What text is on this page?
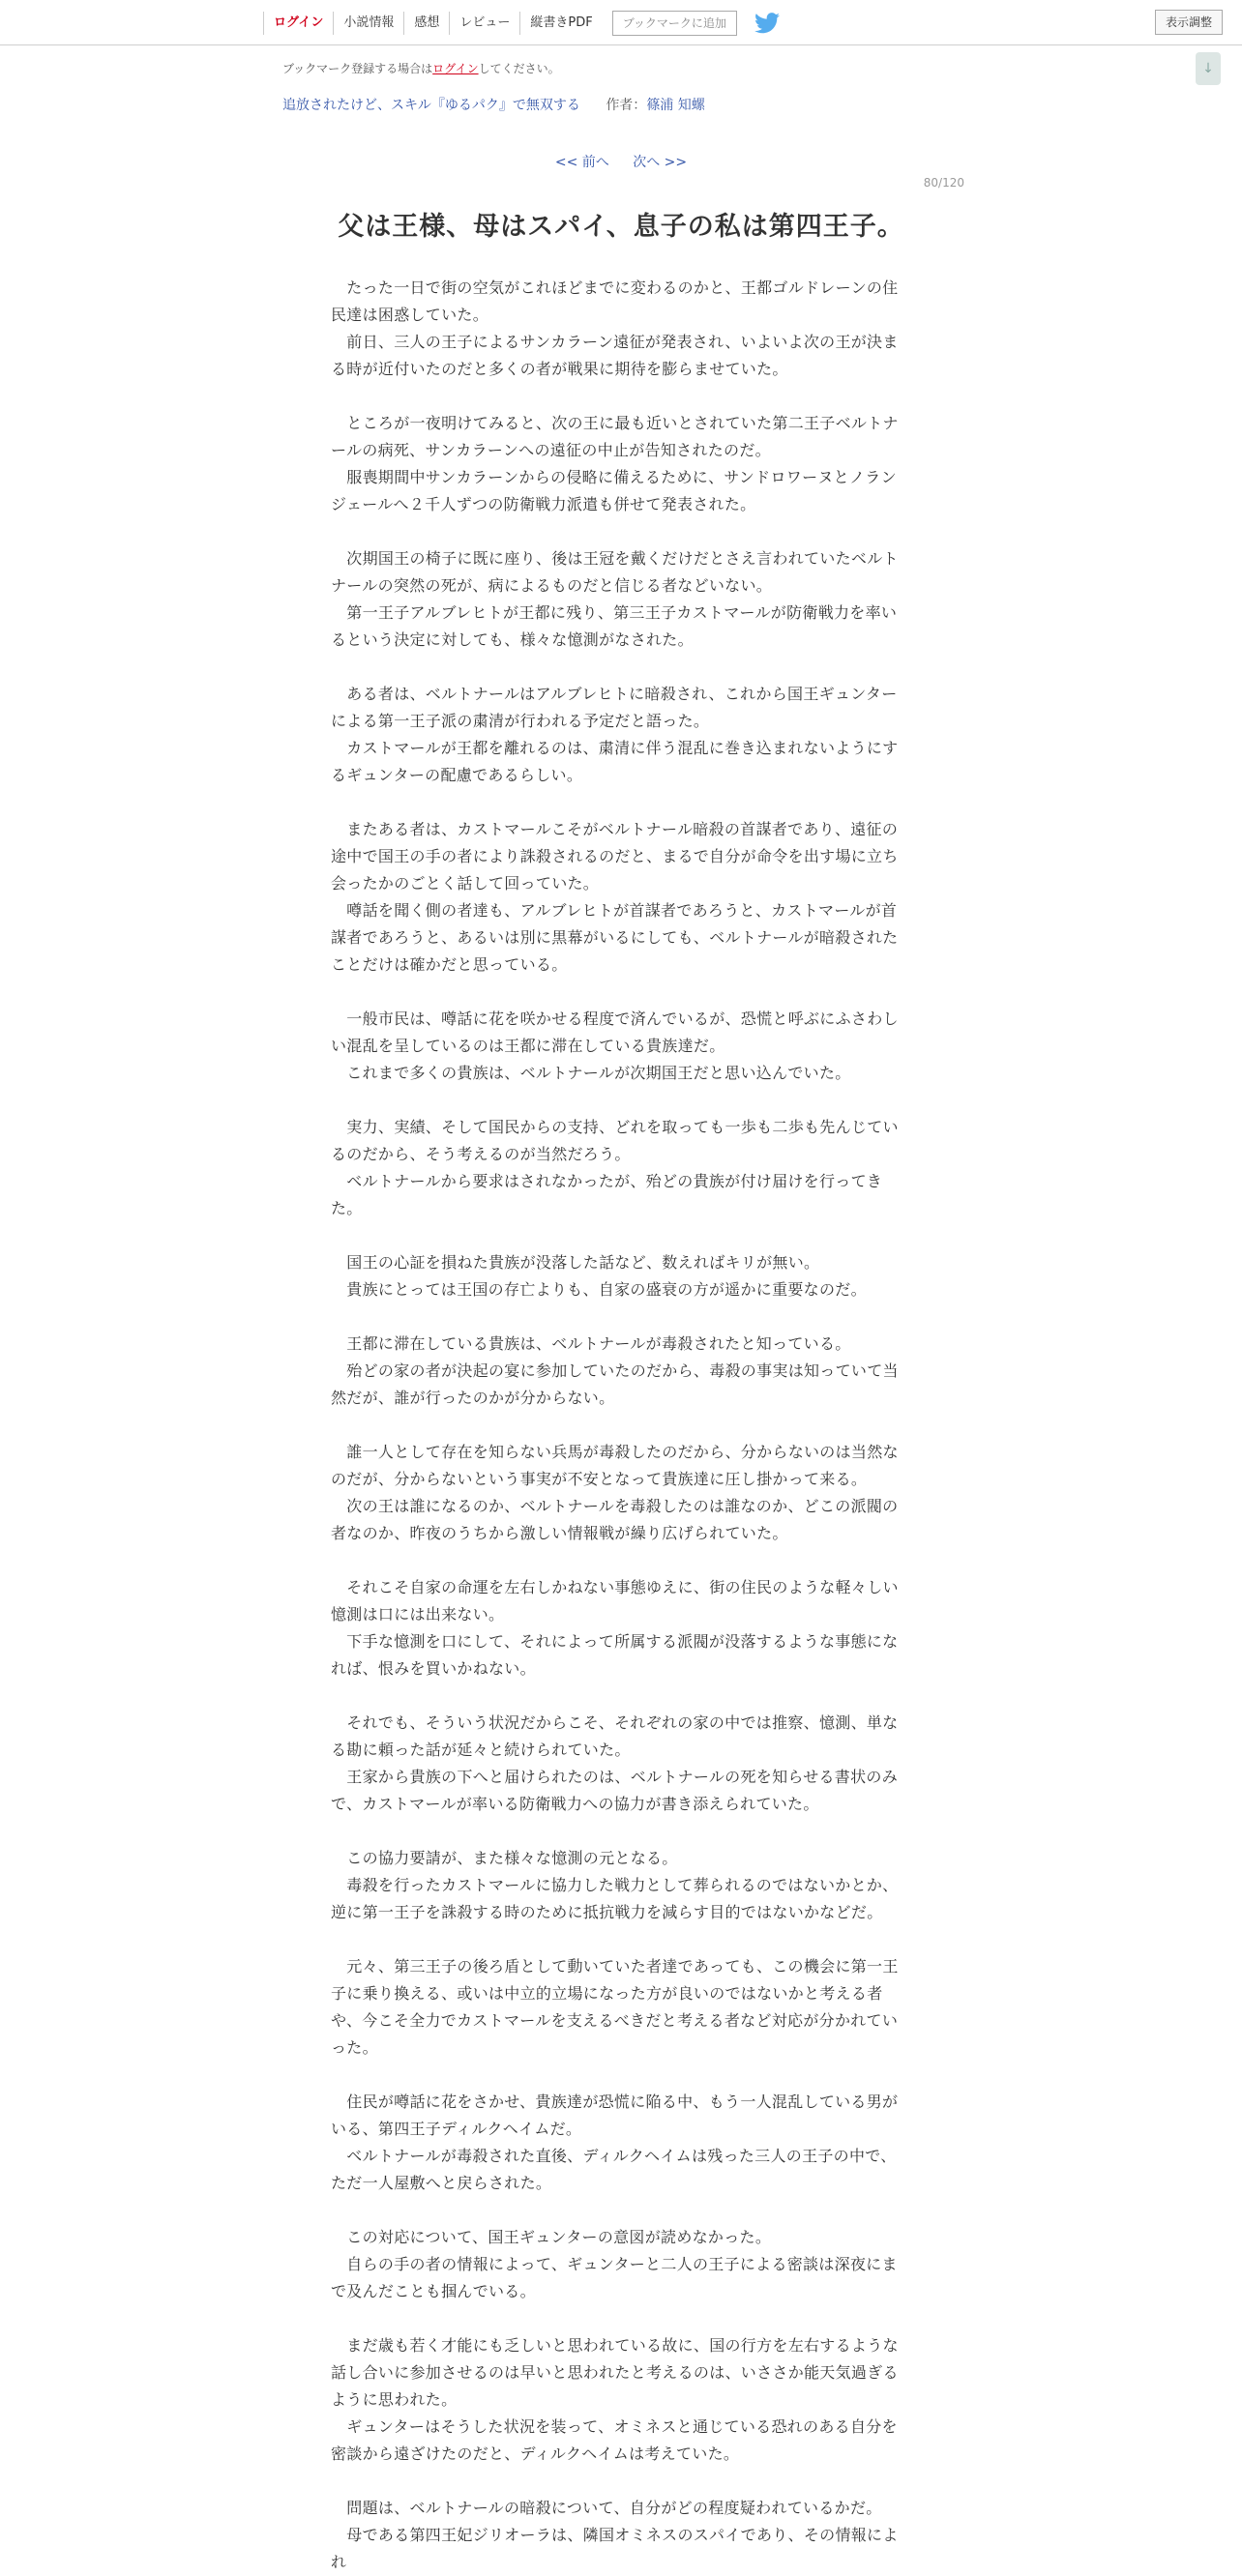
ログイン	小説情報	感想	レビュー	縦書きPDF	ブックマークに追加	表示調整
↓
ブックマーク登録する場合はログインしてください。
追放されたけど、スキル『ゆるパク』で無双する 作者：篠浦 知螺
<< 前へ 次へ >>
80/120
父は王様、母はスパイ、息子の私は第四王子。

　たった一日で街の空気がこれほどまでに変わるのかと、王都ゴルドレーンの住民達は困惑していた。

　前日、三人の王子によるサンカラーン遠征が発表され、いよいよ次の王が決まる時が近付いたのだと多くの者が戦果に期待を膨らませていた。

　ところが一夜明けてみると、次の王に最も近いとされていた第二王子ベルトナールの病死、サンカラーンへの遠征の中止が告知されたのだ。

　服喪期間中サンカラーンからの侵略に備えるために、サンドロワーヌとノランジェールへ２千人ずつの防衛戦力派遣も併せて発表された。

　次期国王の椅子に既に座り、後は王冠を戴くだけだとさえ言われていたベルトナールの突然の死が、病によるものだと信じる者などいない。

　第一王子アルブレヒトが王都に残り、第三王子カストマールが防衛戦力を率いるという決定に対しても、様々な憶測がなされた。

　ある者は、ベルトナールはアルブレヒトに暗殺され、これから国王ギュンターによる第一王子派の粛清が行われる予定だと語った。

　カストマールが王都を離れるのは、粛清に伴う混乱に巻き込まれないようにするギュンターの配慮であるらしい。

　またある者は、カストマールこそがベルトナール暗殺の首謀者であり、遠征の途中で国王の手の者により誅殺されるのだと、まるで自分が命令を出す場に立ち会ったかのごとく話して回っていた。

　噂話を聞く側の者達も、アルブレヒトが首謀者であろうと、カストマールが首謀者であろうと、あるいは別に黒幕がいるにしても、ベルトナールが暗殺されたことだけは確かだと思っている。

　一般市民は、噂話に花を咲かせる程度で済んでいるが、恐慌と呼ぶにふさわしい混乱を呈しているのは王都に滞在している貴族達だ。

　これまで多くの貴族は、ベルトナールが次期国王だと思い込んでいた。

　実力、実績、そして国民からの支持、どれを取っても一歩も二歩も先んじているのだから、そう考えるのが当然だろう。

　ベルトナールから要求はされなかったが、殆どの貴族が付け届けを行ってきた。

　国王の心証を損ねた貴族が没落した話など、数えればキリが無い。

　貴族にとっては王国の存亡よりも、自家の盛衰の方が遥かに重要なのだ。

　王都に滞在している貴族は、ベルトナールが毒殺されたと知っている。

　殆どの家の者が決起の宴に参加していたのだから、毒殺の事実は知っていて当然だが、誰が行ったのかが分からない。

　誰一人として存在を知らない兵馬が毒殺したのだから、分からないのは当然なのだが、分からないという事実が不安となって貴族達に圧し掛かって来る。

　次の王は誰になるのか、ベルトナールを毒殺したのは誰なのか、どこの派閥の者なのか、昨夜のうちから激しい情報戦が繰り広げられていた。

　それこそ自家の命運を左右しかねない事態ゆえに、街の住民のような軽々しい憶測は口には出来ない。

　下手な憶測を口にして、それによって所属する派閥が没落するような事態になれば、恨みを買いかねない。

　それでも、そういう状況だからこそ、それぞれの家の中では推察、憶測、単なる勘に頼った話が延々と続けられていた。

　王家から貴族の下へと届けられたのは、ベルトナールの死を知らせる書状のみで、カストマールが率いる防衛戦力への協力が書き添えられていた。

　この協力要請が、また様々な憶測の元となる。

　毒殺を行ったカストマールに協力した戦力として葬られるのではないかとか、逆に第一王子を誅殺する時のために抵抗戦力を減らす目的ではないかなどだ。

　元々、第三王子の後ろ盾として動いていた者達であっても、この機会に第一王子に乗り換える、或いは中立的立場になった方が良いのではないかと考える者や、今こそ全力でカストマールを支えるべきだと考える者など対応が分かれていった。

　住民が噂話に花をさかせ、貴族達が恐慌に陥る中、もう一人混乱している男がいる、第四王子ディルクヘイムだ。

　ベルトナールが毒殺された直後、ディルクヘイムは残った三人の王子の中で、ただ一人屋敷へと戻らされた。

　この対応について、国王ギュンターの意図が読めなかった。

　自らの手の者の情報によって、ギュンターと二人の王子による密談は深夜にまで及んだことも掴んでいる。

　まだ歳も若く才能にも乏しいと思われている故に、国の行方を左右するような話し合いに参加させるのは早いと思われたと考えるのは、いささか能天気過ぎるように思われた。

　ギュンターはそうした状況を装って、オミネスと通じている恐れのある自分を密談から遠ざけたのだと、ディルクヘイムは考えていた。

　問題は、ベルトナールの暗殺について、自分がどの程度疑われているかだ。

　母である第四王妃ジリオーラは、隣国オミネスのスパイであり、その情報によれ
